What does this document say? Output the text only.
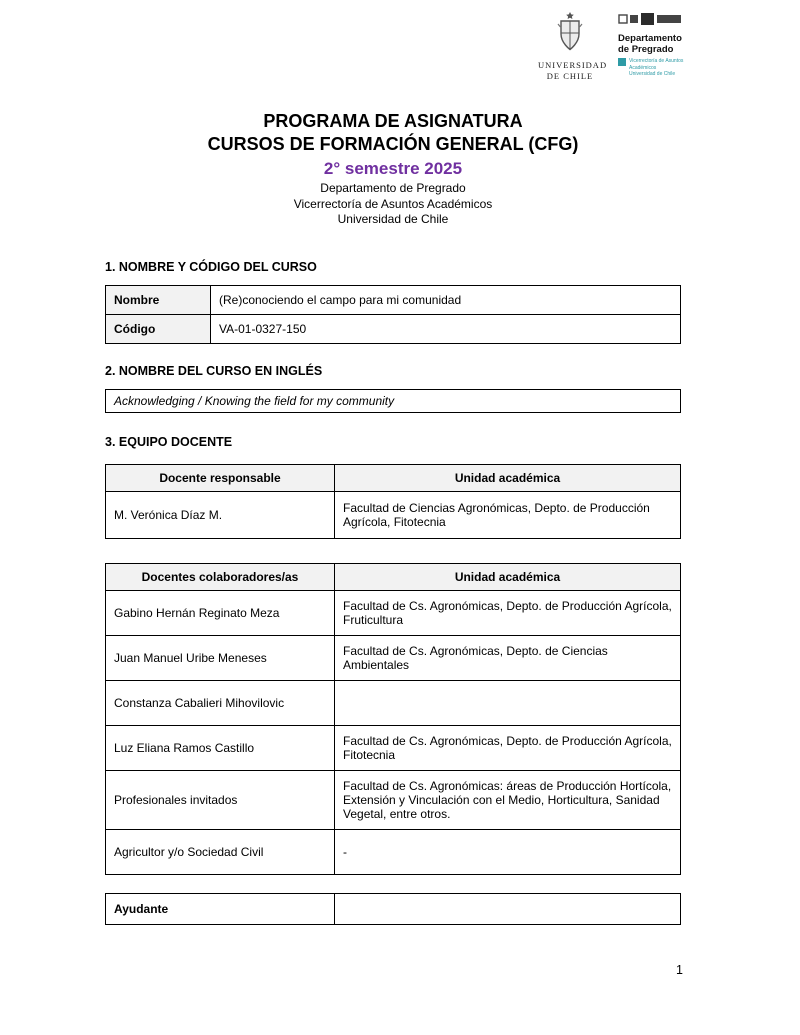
UNIVERSIDAD
DE CHILE
Departamento
de Pregrado
Vicerrectoría de Asuntos Académicos
Universidad de Chile
PROGRAMA DE ASIGNATURA
CURSOS DE FORMACIÓN GENERAL (CFG)
2° semestre 2025
Departamento de Pregrado
Vicerrectoría de Asuntos Académicos
Universidad de Chile
1. NOMBRE Y CÓDIGO DEL CURSO
Nombre	(Re)conociendo el campo para mi comunidad
Código	VA-01-0327-150
2. NOMBRE DEL CURSO EN INGLÉS
Acknowledging / Knowing the field for my community
3. EQUIPO DOCENTE
Docente responsable	Unidad académica
M. Verónica Díaz M.	Facultad de Ciencias Agronómicas, Depto. de Producción Agrícola, Fitotecnia
Docentes colaboradores/as	Unidad académica
Gabino Hernán Reginato Meza	Facultad de Cs. Agronómicas, Depto. de Producción Agrícola, Fruticultura
Juan Manuel Uribe Meneses	Facultad de Cs. Agronómicas, Depto. de Ciencias Ambientales
Constanza Cabalieri Mihovilovic	
Luz Eliana Ramos Castillo	Facultad de Cs. Agronómicas, Depto. de Producción Agrícola, Fitotecnia
Profesionales invitados	Facultad de Cs. Agronómicas: áreas de Producción Hortícola, Extensión y Vinculación con el Medio, Horticultura, Sanidad Vegetal, entre otros.
Agricultor y/o Sociedad Civil	-
Ayudante	
1
